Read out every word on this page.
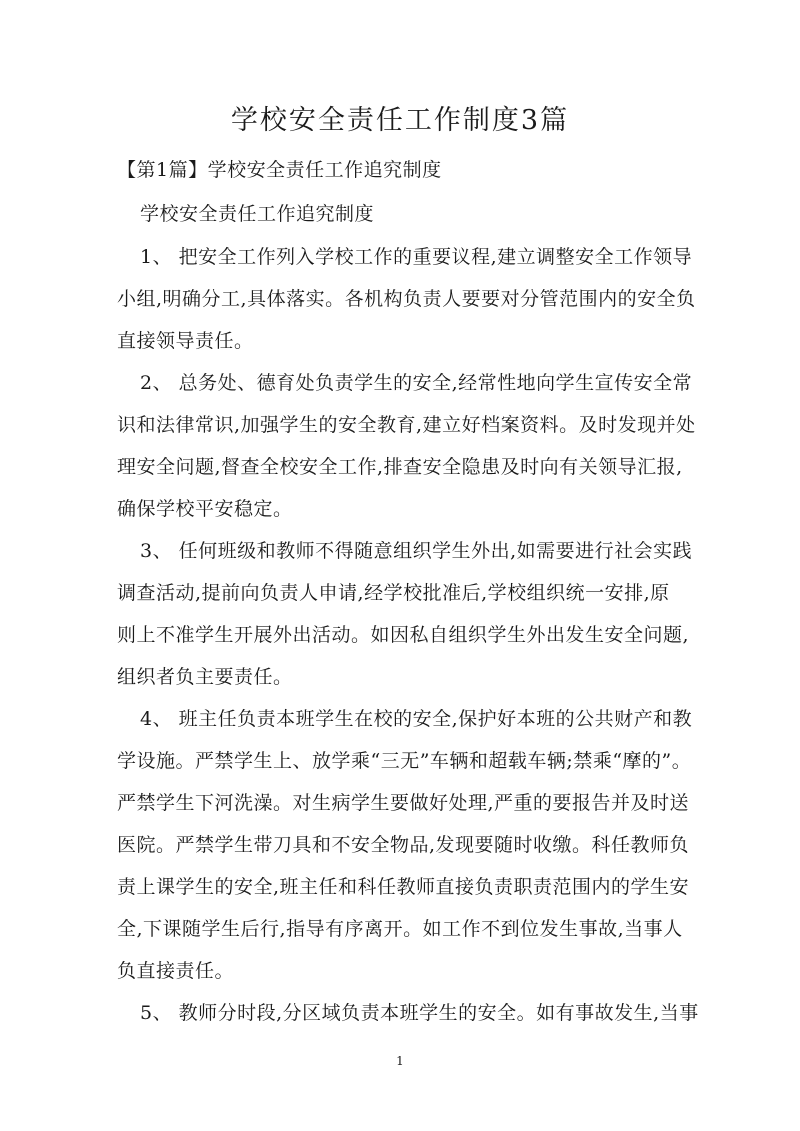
学校安全责任工作制度3篇
【第1篇】学校安全责任工作追究制度
学校安全责任工作追究制度
1、 把安全工作列入学校工作的重要议程,建立调整安全工作领导
小组,明确分工,具体落实。各机构负责人要要对分管范围内的安全负
直接领导责任。
2、 总务处、德育处负责学生的安全,经常性地向学生宣传安全常
识和法律常识,加强学生的安全教育,建立好档案资料。及时发现并处
理安全问题,督查全校安全工作,排查安全隐患及时向有关领导汇报,
确保学校平安稳定。
3、 任何班级和教师不得随意组织学生外出,如需要进行社会实践
调查活动,提前向负责人申请,经学校批准后,学校组织统一安排,原
则上不准学生开展外出活动。如因私自组织学生外出发生安全问题,
组织者负主要责任。
4、 班主任负责本班学生在校的安全,保护好本班的公共财产和教
学设施。严禁学生上、放学乘“三无”车辆和超载车辆;禁乘“摩的”。
严禁学生下河洗澡。对生病学生要做好处理,严重的要报告并及时送
医院。严禁学生带刀具和不安全物品,发现要随时收缴。科任教师负
责上课学生的安全,班主任和科任教师直接负责职责范围内的学生安
全,下课随学生后行,指导有序离开。如工作不到位发生事故,当事人
负直接责任。
5、 教师分时段,分区域负责本班学生的安全。如有事故发生,当事
1
